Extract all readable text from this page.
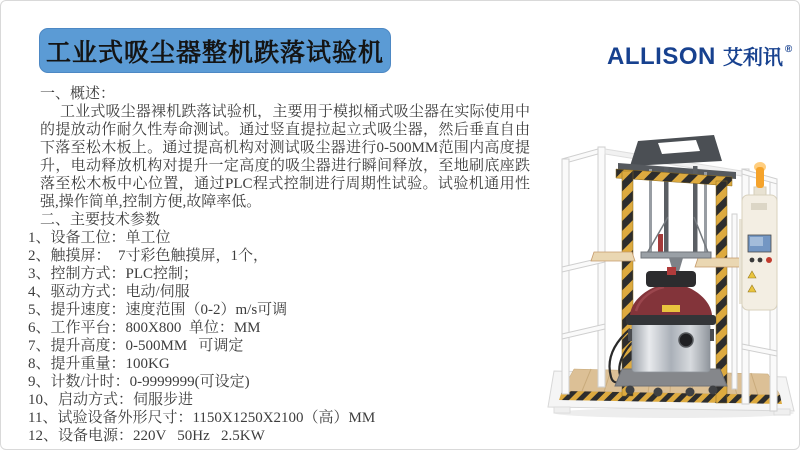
工业式吸尘器整机跌落试验机	ALLISON 艾利讯 ®
一、概述：

工业式吸尘器裸机跌落试验机，主要用于模拟桶式吸尘器在实际使用中的提放动作耐久性寿命测试。通过竖直提拉起立式吸尘器，然后垂直自由下落至松木板上。通过提高机构对测试吸尘器进行0-500MM范围内高度提升，电动释放机构对提升一定高度的吸尘器进行瞬间释放，至地刷底座跌落至松木板中心位置，通过PLC程式控制进行周期性试验。试验机通用性强,操作简单,控制方便,故障率低。

二、主要技术参数
1、设备工位：单工位
2、触摸屏：  7寸彩色触摸屏，1个，
3、控制方式：PLC控制；
4、驱动方式：电动/伺服
5、提升速度：速度范围（0-2）m/s可调
6、工作平台：800X800  单位：MM
7、提升高度：0-500MM   可调定
8、提升重量：100KG
9、计数/计时：0-9999999(可设定)
10、启动方式：伺服步进
11、试验设备外形尺寸：1150X1250X2100（高）MM
12、设备电源：220V   50Hz   2.5KW
